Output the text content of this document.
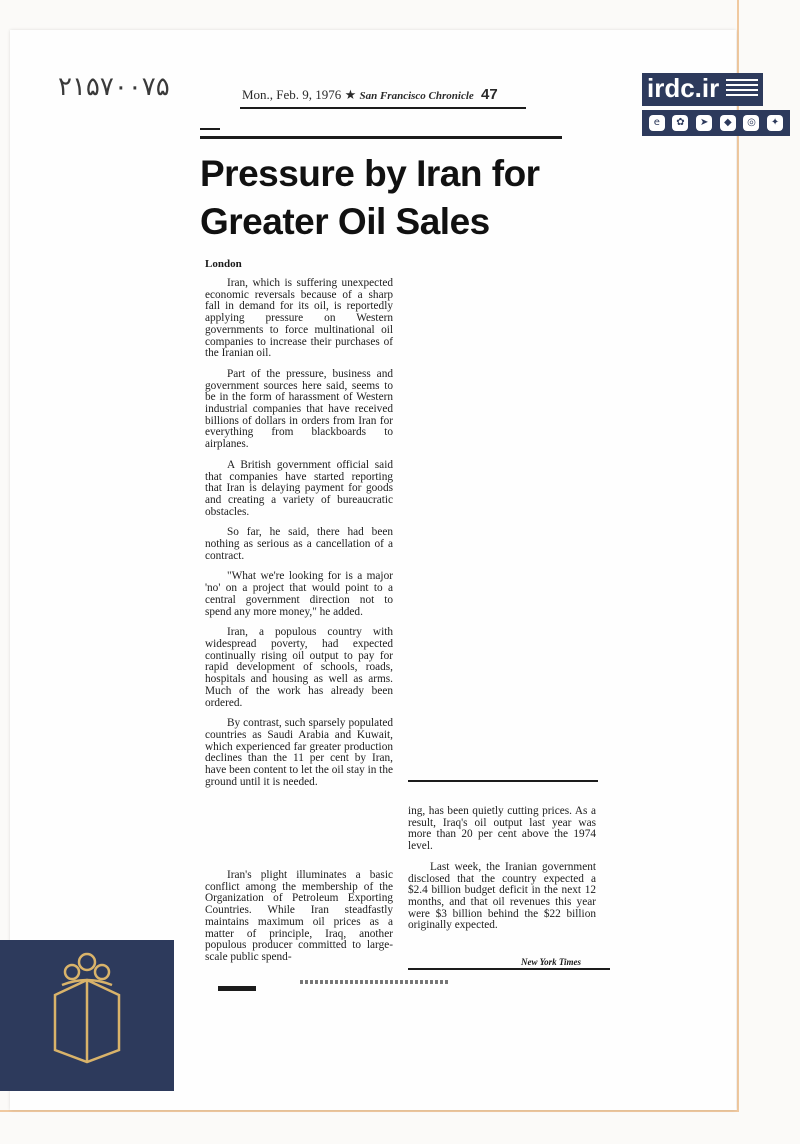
۲۱۵۷۰۰۷۵	Mon., Feb. 9, 1976 ★ San Francisco Chronicle 47
Pressure by Iran for
Greater Oil Sales
London

Iran, which is suffering unexpected economic reversals because of a sharp fall in demand for its oil, is reportedly applying pressure on Western governments to force multinational oil companies to increase their purchases of the Iranian oil.

Part of the pressure, business and government sources here said, seems to be in the form of harassment of Western industrial companies that have received billions of dollars in orders from Iran for everything from blackboards to airplanes.

A British government official said that companies have started reporting that Iran is delaying payment for goods and creating a variety of bureaucratic obstacles.

So far, he said, there had been nothing as serious as a cancellation of a contract.

"What we're looking for is a major 'no' on a project that would point to a central government direction not to spend any more money," he added.

Iran, a populous country with widespread poverty, had expected continually rising oil output to pay for rapid development of schools, roads, hospitals and housing as well as arms. Much of the work has already been ordered.

By contrast, such sparsely populated countries as Saudi Arabia and Kuwait, which experienced far greater production declines than the 11 per cent by Iran, have been content to let the oil stay in the ground until it is needed.

Iran's plight illuminates a basic conflict among the membership of the Organization of Petroleum Exporting Countries. While Iran steadfastly maintains maximum oil prices as a matter of principle, Iraq, another populous producer committed to large-scale public spend-

ing, has been quietly cutting prices. As a result, Iraq's oil output last year was more than 20 per cent above the 1974 level.

Last week, the Iranian government disclosed that the country expected a $2.4 billion budget deficit in the next 12 months, and that oil revenues this year were $3 billion behind the $22 billion originally expected.

New York Times
irdc.ir
e	✿	➤	◆	◎	✦
